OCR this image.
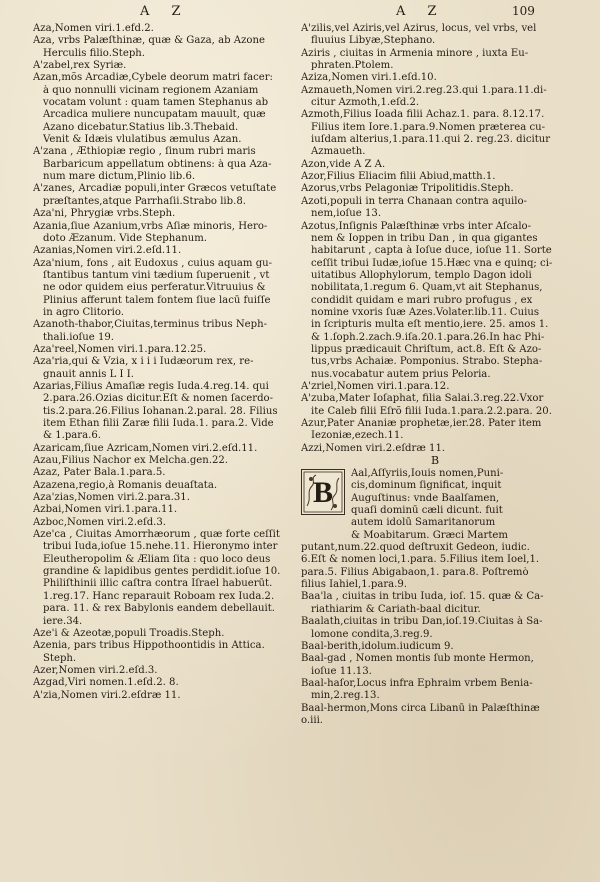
A Z	A Z	109
Aza,Nomen viri.1.efd.2.
Aza, vrbs Palæſthinæ, quæ & Gaza, ab Azone
Herculis filio.Steph.
A'zabel,rex Syriæ.
Azan,mõs Arcadiæ,Cybele deorum matri facer:
à quo nonnulli vicinam regionem Azaniam
vocatam volunt : quam tamen Stephanus ab
Arcadica muliere nuncupatam mauult, quæ
Azano dicebatur.Statius lib.3.Thebaid.
Venit & Idæis vlulatibus æmulus Azan.
A'zana , Æthiopiæ regio , ſinum rubri maris
Barbaricum appellatum obtinens: à qua Aza-
num mare dictum,Plinio lib.6.
A'zanes, Arcadiæ populi,inter Græcos vetuſtate
præſtantes,atque Parrhaſii.Strabo lib.8.
Aza'ni, Phrygiæ vrbs.Steph.
Azania,ſiue Azanium,vrbs Aſiæ minoris, Hero-
doto Æzanum. Vide Stephanum.
Azanias,Nomen viri.2.eſd.11.
Aza'nium, fons , ait Eudoxus , cuius aquam gu-
ſtantibus tantum vini tædium ſuperuenit , vt
ne odor quidem eius perferatur.Vitruuius &
Plinius afferunt talem fontem ſiue lacū fuiſſe
in agro Clitorio.
Azanoth-thabor,Ciuitas,terminus tribus Neph-
thali.ioſue 19.
Aza'reel,Nomen viri.1.para.12.25.
Aza'ria,qui & Vzia, x i i i Iudæorum rex, re-
gnauit annis L I I.
Azarias,Filius Amaſiæ regis Iuda.4.reg.14. qui
2.para.26.Ozias dicitur.Eſt & nomen ſacerdo-
tis.2.para.26.Filius Iohanan.2.paral. 28. Filius
item Ethan filii Zaræ filii Iuda.1. para.2. Vide
& 1.para.6.
Azaricam,ſiue Azricam,Nomen viri.2.eſd.11.
Azau,Filius Nachor ex Melcha.gen.22.
Azaz, Pater Bala.1.para.5.
Azazena,regio,à Romanis deuaſtata.
Aza'zias,Nomen viri.2.para.31.
Azbai,Nomen viri.1.para.11.
Azboc,Nomen viri.2.eſd.3.
Aze'ca , Ciuitas Amorrhæorum , quæ forte ceſſit
tribui Iuda,ioſue 15.nehe.11. Hieronymo inter
Eleutheropolim & Æliam ſita : quo loco deus
grandine & lapidibus gentes perdidit.ioſue 10.
Philiſthinii illic caſtra contra Iſrael habuerūt.
1.reg.17. Hanc reparauit Roboam rex Iuda.2.
para. 11. & rex Babylonis eandem debellauit.
iere.34.
Aze'i & Azeotæ,populi Troadis.Steph.
Azenia, pars tribus Hippothoontidis in Attica.
Steph.
Azer,Nomen viri.2.eſd.3.
Azgad,Viri nomen.1.eſd.2. 8.
A'zia,Nomen viri.2.eſdræ 11.
A'zilis,vel Aziris,vel Azirus, locus, vel vrbs, vel
fluuius Libyæ,Stephano.
Aziris , ciuitas in Armenia minore , iuxta Eu-
phraten.Ptolem.
Aziza,Nomen viri.1.eſd.10.
Azmaueth,Nomen viri.2.reg.23.qui 1.para.11.di-
citur Azmoth,1.eſd.2.
Azmoth,Filius Ioada filii Achaz.1. para. 8.12.17.
Filius item Iore.1.para.9.Nomen præterea cu-
iuſdam alterius,1.para.11.qui 2. reg.23. dicitur
Azmaueth.
Azon,vide A Z A.
Azor,Filius Eliacim filii Abiud,matth.1.
Azorus,vrbs Pelagoniæ Tripolitidis.Steph.
Azoti,populi in terra Chanaan contra aquilo-
nem,ioſue 13.
Azotus,Inſignis Palæſthinæ vrbs inter Aſcalo-
nem & Ioppen in tribu Dan , in qua gigantes
habitarunt , capta à Ioſue duce, ioſue 11. Sorte
ceſſit tribui Iudæ,ioſue 15.Hæc vna e quinq; ci-
uitatibus Allophylorum, templo Dagon idoli
nobilitata,1.regum 6. Quam,vt ait Stephanus,
condidit quidam e mari rubro profugus , ex
nomine vxoris ſuæ Azes.Volater.lib.11. Cuius
in ſcripturis multa eſt mentio,iere. 25. amos 1.
& 1.ſoph.2.zach.9.iſa.20.1.para.26.In hac Phi-
lippus prædicauit Chriſtum, act.8. Eſt & Azo-
tus,vrbs Achaiæ. Pomponius. Strabo. Stepha-
nus.vocabatur autem prius Peloria.
A'zriel,Nomen viri.1.para.12.
A'zuba,Mater Ioſaphat, filia Salai.3.reg.22.Vxor
ite Caleb filii Eſrõ filii Iuda.1.para.2.2.para. 20.
Azur,Pater Ananiæ prophetæ,ier.28. Pater item
Iezoniæ,ezech.11.
Azzi,Nomen viri.2.eſdræ 11.
B
B
Aal,Aſſyriis,Iouis nomen,Puni-
cis,dominum ſignificat, inquit
Auguſtinus: vnde Baalſamen,
quaſi dominū cæli dicunt. fuit
autem idolū Samaritanorum
& Moabitarum. Græci Martem
putant,num.22.quod deſtruxit Gedeon, iudic.
6.Eſt & nomen loci,1.para. 5.Filius item Ioel,1.
para.5. Filius Abigabaon,1. para.8. Poſtremò
filius Iahiel,1.para.9.
Baa'la , ciuitas in tribu Iuda, ioſ. 15. quæ & Ca-
riathiarim & Cariath-baal dicitur.
Baalath,ciuitas in tribu Dan,ioſ.19.Ciuitas à Sa-
lomone condita,3.reg.9.
Baal-berith,idolum.iudicum 9.
Baal-gad , Nomen montis ſub monte Hermon,
ioſue 11.13.
Baal-haſor,Locus infra Ephraim vrbem Benia-
min,2.reg.13.
Baal-hermon,Mons circa Libanū in Palæſthinæ
o.iii.
